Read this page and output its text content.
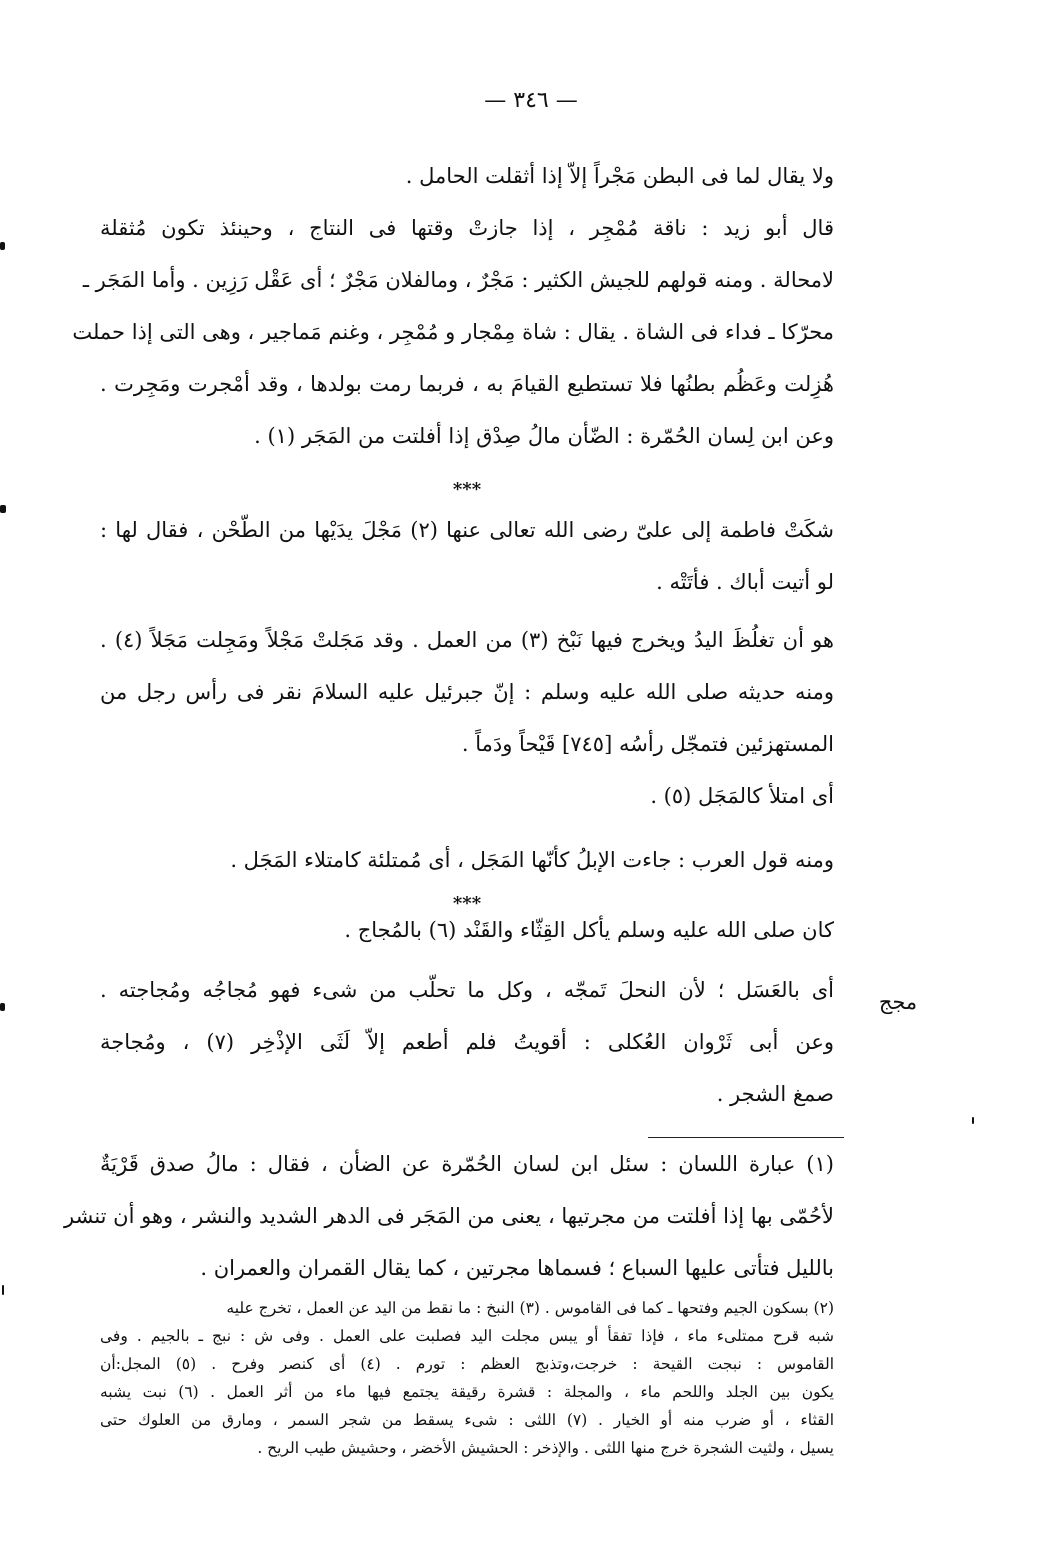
— ٣٤٦ —
ولا يقال لما فى البطن مَجْراً إلاّ إذا أثقلت الحامل .
قال أبو زيد : ناقة مُمْجِر ، إذا جازتْ وقتها فى النتاج ، وحينئذ تكون مُثقلة
لامحالة . ومنه قولهم للجيش الكثير : مَجْرٌ ، ومالفلان مَجْرٌ ؛ أى عَقْل رَزِين . وأما المَجَر ـ
محرّكا ـ فداء فى الشاة . يقال : شاة مِمْجار و مُمْجِر ، وغنم مَماجير ، وهى التى إذا حملت
هُزِلت وعَظُم بطنُها فلا تستطيع القيامَ به ، فربما رمت بولدها ، وقد أمْجرت ومَجِرت .
وعن ابن لِسان الحُمّرة : الضّأن مالُ صِدْق إذا أفلتت من المَجَر (١) .
***
شكَتْ فاطمة إلى علىّ رضى الله تعالى عنها (٢) مَجْلَ يدَيْها من الطّحْن ، فقال لها :
لو أتيت أباك . فأتَتْه .
هو أن تغلُظَ اليدُ ويخرج فيها نَبْخ (٣) من العمل . وقد مَجَلتْ مَجْلاً ومَجِلت مَجَلاً (٤) .
ومنه حديثه صلى الله عليه وسلم : إنّ جبرئيل عليه السلامَ نقر فى رأس رجل من
المستهزئين فتمجّل رأسُه [٧٤٥] قَيْحاً ودَماً .
أى امتلأ كالمَجَل (٥) .
ومنه قول العرب : جاءت الإبلُ كأنّها المَجَل ، أى مُمتلئة كامتلاء المَجَل .
***
كان صلى الله عليه وسلم يأكل القِثّاء والقَنْد (٦) بالمُجاج .
أى بالعَسَل ؛ لأن النحلَ تَمجّه ، وكل ما تحلّب من شىء فهو مُجاجُه ومُجاجته .
وعن أبى ثَرْوان العُكلى : أقويتُ فلم أطعم إلاّ لَثَى الإذْخِر (٧) ، ومُجاجة
صمغ الشجر .
مجج
(١) عبارة اللسان : سئل ابن لسان الحُمّرة عن الضأن ، فقال : مالُ صدق قَرْيَةٌ
لأحُمّى بها إذا أفلتت من مجرتيها ، يعنى من المَجَر فى الدهر الشديد والنشر ، وهو أن تنشر
بالليل فتأتى عليها السباع ؛ فسماها مجرتين ، كما يقال القمران والعمران .
(٢) بسكون الجيم وفتحها ـ كما فى القاموس . (٣) النبخ : ما نقط من اليد عن العمل ، تخرج عليه
شبه قرح ممتلىء ماء ، فإذا تفقأ أو يبس مجلت اليد فصلبت على العمل . وفى ش : نبج ـ بالجيم . وفى
القاموس : نبجت القيحة : خرجت،وتذبج العظم : تورم . (٤) أى كنصر وفرح . (٥) المجل:أن
يكون بين الجلد واللحم ماء ، والمجلة : قشرة رقيقة يجتمع فيها ماء من أثر العمل . (٦) نبت يشبه
القثاء ، أو ضرب منه أو الخيار . (٧) اللثى : شىء يسقط من شجر السمر ، ومارق من العلوك حتى
يسيل ، ولثيت الشجرة خرج منها اللثى . والإذخر : الحشيش الأخضر ، وحشيش طيب الريح .
